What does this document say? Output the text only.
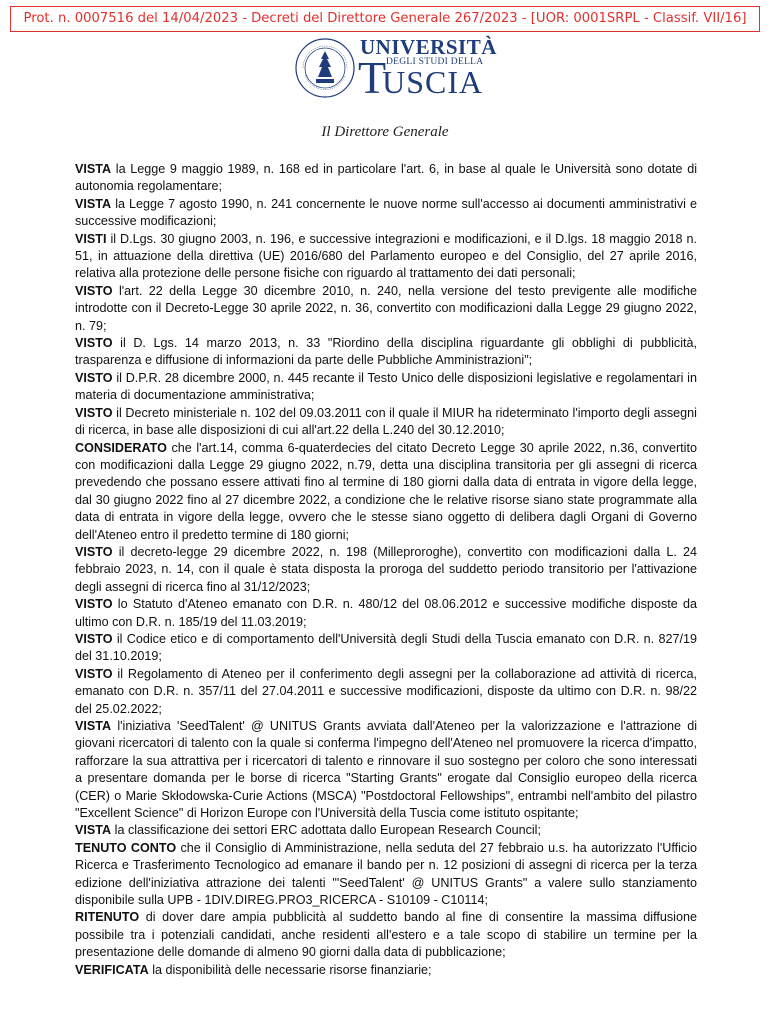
Prot. n. 0007516 del 14/04/2023 - Decreti del Direttore Generale 267/2023 - [UOR: 0001SRPL - Classif. VII/16]
UNIVERSITÀ
DEGLI STUDI DELLA
TUSCIA
Il Direttore Generale

VISTA la Legge 9 maggio 1989, n. 168 ed in particolare l'art. 6, in base al quale le Università sono dotate di autonomia regolamentare;

VISTA la Legge 7 agosto 1990, n. 241 concernente le nuove norme sull'accesso ai documenti amministrativi e successive modificazioni;

VISTI il D.Lgs. 30 giugno 2003, n. 196, e successive integrazioni e modificazioni, e il D.lgs. 18 maggio 2018 n. 51, in attuazione della direttiva (UE) 2016/680 del Parlamento europeo e del Consiglio, del 27 aprile 2016, relativa alla protezione delle persone fisiche con riguardo al trattamento dei dati personali;

VISTO l'art. 22 della Legge 30 dicembre 2010, n. 240, nella versione del testo previgente alle modifiche introdotte con il Decreto-Legge 30 aprile 2022, n. 36, convertito con modificazioni dalla Legge 29 giugno 2022, n. 79;

VISTO il D. Lgs. 14 marzo 2013, n. 33 "Riordino della disciplina riguardante gli obblighi di pubblicità, trasparenza e diffusione di informazioni da parte delle Pubbliche Amministrazioni";

VISTO il D.P.R. 28 dicembre 2000, n. 445 recante il Testo Unico delle disposizioni legislative e regolamentari in materia di documentazione amministrativa;

VISTO il Decreto ministeriale n. 102 del 09.03.2011 con il quale il MIUR ha rideterminato l'importo degli assegni di ricerca, in base alle disposizioni di cui all'art.22 della L.240 del 30.12.2010;

CONSIDERATO che l'art.14, comma 6-quaterdecies del citato Decreto Legge 30 aprile 2022, n.36, convertito con modificazioni dalla Legge 29 giugno 2022, n.79, detta una disciplina transitoria per gli assegni di ricerca prevedendo che possano essere attivati fino al termine di 180 giorni dalla data di entrata in vigore della legge, dal 30 giugno 2022 fino al 27 dicembre 2022, a condizione che le relative risorse siano state programmate alla data di entrata in vigore della legge, ovvero che le stesse siano oggetto di delibera dagli Organi di Governo dell'Ateneo entro il predetto termine di 180 giorni;

VISTO il decreto-legge 29 dicembre 2022, n. 198 (Milleproroghe), convertito con modificazioni dalla L. 24 febbraio 2023, n. 14, con il quale è stata disposta la proroga del suddetto periodo transitorio per l'attivazione degli assegni di ricerca fino al 31/12/2023;

VISTO lo Statuto d'Ateneo emanato con D.R. n. 480/12 del 08.06.2012 e successive modifiche disposte da ultimo con D.R. n. 185/19 del 11.03.2019;

VISTO il Codice etico e di comportamento dell'Università degli Studi della Tuscia emanato con D.R. n. 827/19 del 31.10.2019;

VISTO il Regolamento di Ateneo per il conferimento degli assegni per la collaborazione ad attività di ricerca, emanato con D.R. n. 357/11 del 27.04.2011 e successive modificazioni, disposte da ultimo con D.R. n. 98/22 del 25.02.2022;

VISTA l'iniziativa 'SeedTalent' @ UNITUS Grants avviata dall'Ateneo per la valorizzazione e l'attrazione di giovani ricercatori di talento con la quale si conferma l'impegno dell'Ateneo nel promuovere la ricerca d'impatto, rafforzare la sua attrattiva per i ricercatori di talento e rinnovare il suo sostegno per coloro che sono interessati a presentare domanda per le borse di ricerca "Starting Grants" erogate dal Consiglio europeo della ricerca (CER) o Marie Skłodowska-Curie Actions (MSCA) "Postdoctoral Fellowships", entrambi nell'ambito del pilastro "Excellent Science" di Horizon Europe con l'Università della Tuscia come istituto ospitante;

VISTA la classificazione dei settori ERC adottata dallo European Research Council;

TENUTO CONTO che il Consiglio di Amministrazione, nella seduta del 27 febbraio u.s. ha autorizzato l'Ufficio Ricerca e Trasferimento Tecnologico ad emanare il bando per n. 12 posizioni di assegni di ricerca per la terza edizione dell'iniziativa attrazione dei talenti "'SeedTalent' @ UNITUS Grants" a valere sullo stanziamento disponibile sulla UPB - 1DIV.DIREG.PRO3_RICERCA - S10109 - C10114;

RITENUTO di dover dare ampia pubblicità al suddetto bando al fine di consentire la massima diffusione possibile tra i potenziali candidati, anche residenti all'estero e a tale scopo di stabilire un termine per la presentazione delle domande di almeno 90 giorni dalla data di pubblicazione;

VERIFICATA la disponibilità delle necessarie risorse finanziarie;
